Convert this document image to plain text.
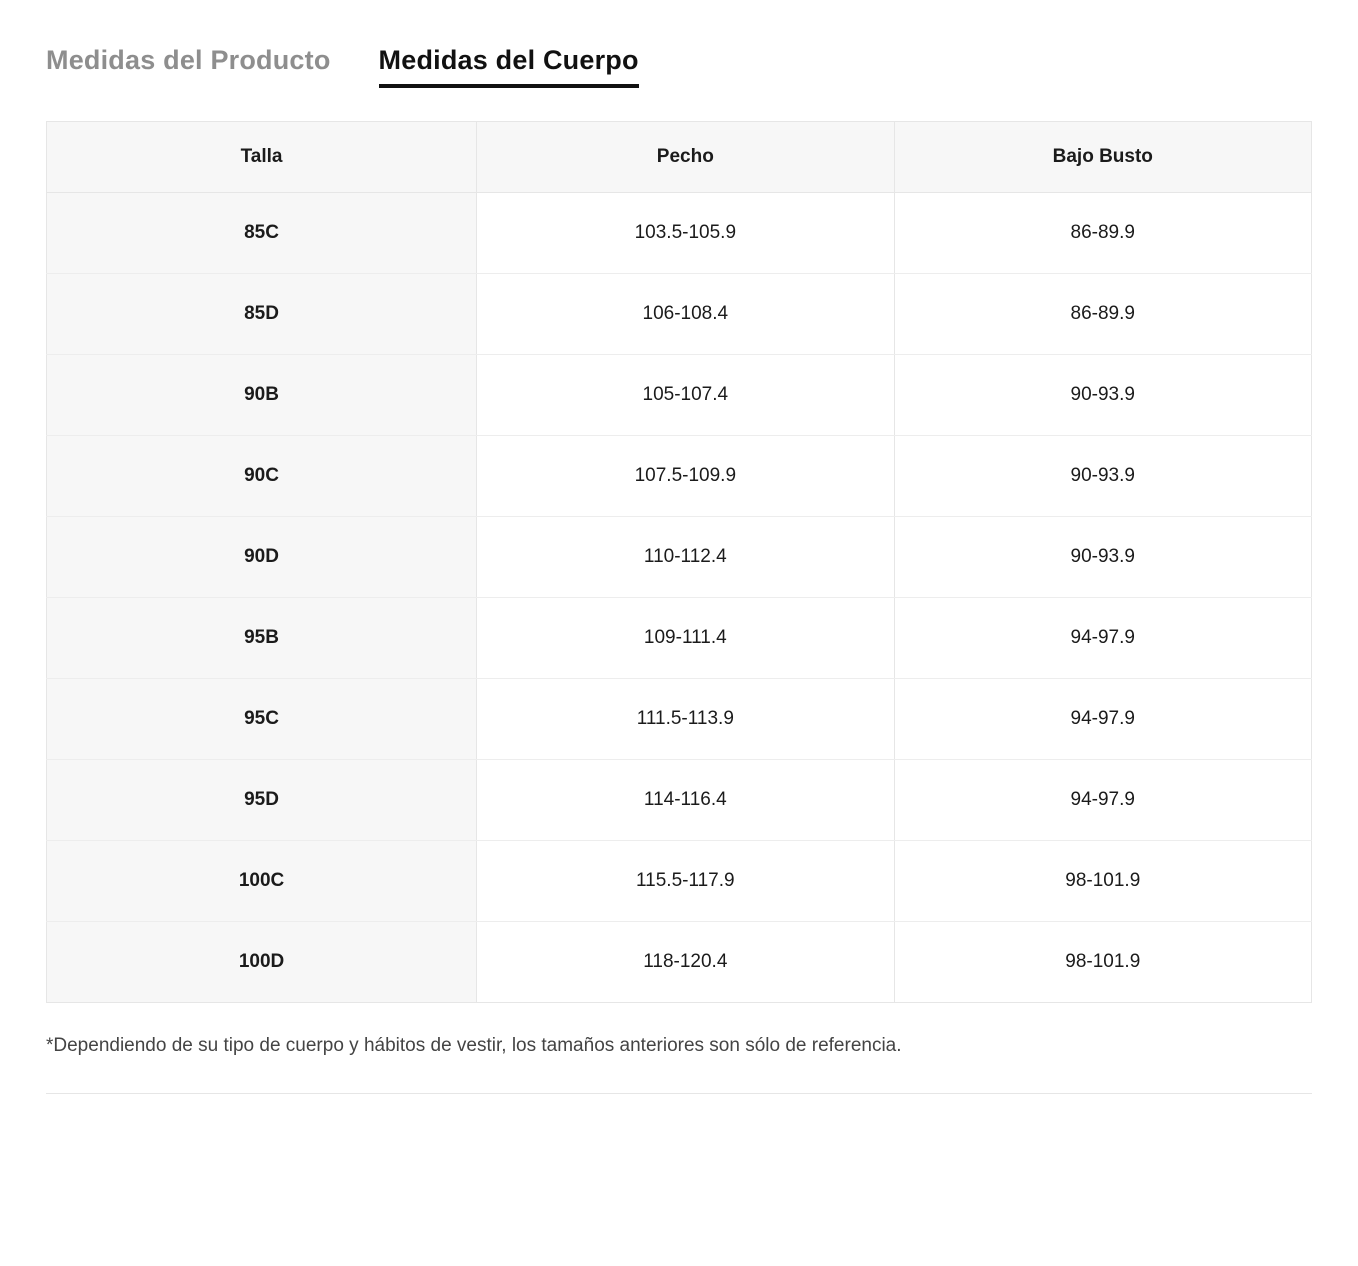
Medidas del Producto Medidas del Cuerpo
Talla	Pecho	Bajo Busto
85C	103.5-105.9	86-89.9
85D	106-108.4	86-89.9
90B	105-107.4	90-93.9
90C	107.5-109.9	90-93.9
90D	110-112.4	90-93.9
95B	109-111.4	94-97.9
95C	111.5-113.9	94-97.9
95D	114-116.4	94-97.9
100C	115.5-117.9	98-101.9
100D	118-120.4	98-101.9
*Dependiendo de su tipo de cuerpo y hábitos de vestir, los tamaños anteriores son sólo de referencia.
